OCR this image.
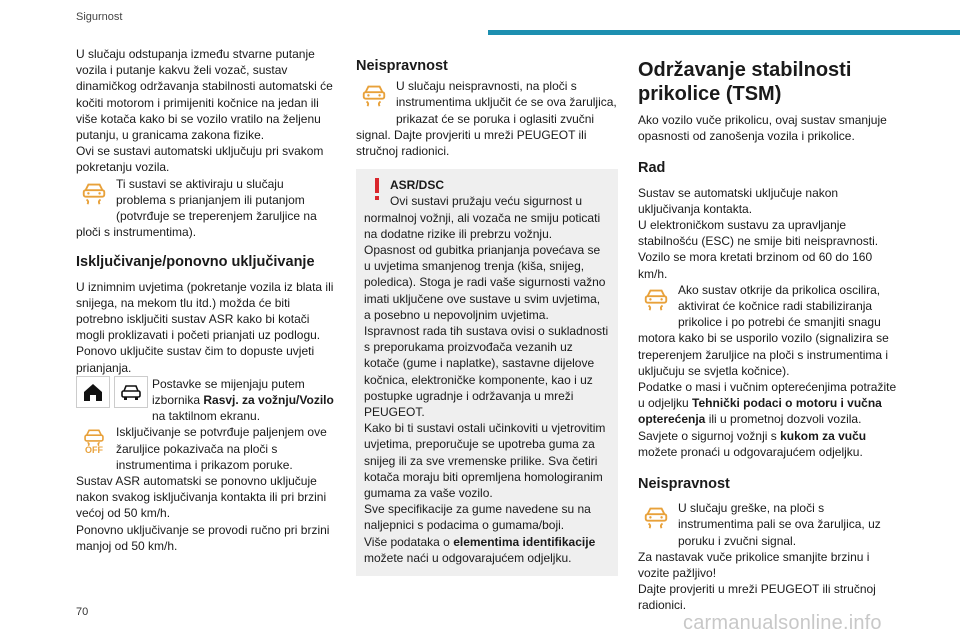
Sigurnost

U slučaju odstupanja između stvarne putanje vozila i putanje kakvu želi vozač, sustav dinamičkog održavanja stabilnosti automatski će kočiti motorom i primijeniti kočnice na jedan ili više kotača kako bi se vozilo vratilo na željenu putanju, u granicama zakona fizike.

Ovi se sustavi automatski uključuju pri svakom pokretanju vozila.

Ti sustavi se aktiviraju u slučaju problema s prianjanjem ili putanjom (potvrđuje se treperenjem žaruljice na ploči s instrumentima).
Isključivanje/ponovno uključivanje

U iznimnim uvjetima (pokretanje vozila iz blata ili snijega, na mekom tlu itd.) možda će biti potrebno isključiti sustav ASR kako bi kotači mogli proklizavati i početi prianjati uz podlogu. Ponovo uključite sustav čim to dopuste uvjeti prianjanja.

Postavke se mijenjaju putem izbornika Rasvj. za vožnju/Vozilo na taktilnom ekranu.
OFF
Isključivanje se potvrđuje paljenjem ove žaruljice pokazivača na ploči s instrumentima i prikazom poruke.

Sustav ASR automatski se ponovno uključuje nakon svakog isključivanja kontakta ili pri brzini većoj od 50 km/h.

Ponovno uključivanje se provodi ručno pri brzini manjoj od 50 km/h.

Neispravnost
U slučaju neispravnosti, na ploči s instrumentima uključit će se ova žaruljica, prikazat će se poruka i oglasiti zvučni signal. Dajte provjeriti u mreži PEUGEOT ili stručnoj radionici.

ASR/DSC

Ovi sustavi pružaju veću sigurnost u normalnoj vožnji, ali vozača ne smiju poticati na dodatne rizike ili prebrzu vožnju.

Opasnost od gubitka prianjanja povećava se u uvjetima smanjenog trenja (kiša, snijeg, poledica). Stoga je radi vaše sigurnosti važno imati uključene ove sustave u svim uvjetima, a posebno u nepovoljnim uvjetima.

Ispravnost rada tih sustava ovisi o sukladnosti s preporukama proizvođača vezanih uz kotače (gume i naplatke), sastavne dijelove kočnica, elektroničke komponente, kao i uz postupke ugradnje i održavanja u mreži PEUGEOT.

Kako bi ti sustavi ostali učinkoviti u vjetrovitim uvjetima, preporučuje se upotreba guma za snijeg ili za sve vremenske prilike. Sva četiri kotača moraju biti opremljena homologiranim gumama za vaše vozilo.

Sve specifikacije za gume navedene su na naljepnici s podacima o gumama/boji.

Više podataka o elementima identifikacije možete naći u odgovarajućem odjeljku.

Održavanje stabilnosti prikolice (TSM)

Ako vozilo vuče prikolicu, ovaj sustav smanjuje opasnosti od zanošenja vozila i prikolice.

Rad

Sustav se automatski uključuje nakon uključivanja kontakta.

U elektroničkom sustavu za upravljanje stabilnošću (ESC) ne smije biti neispravnosti.

Vozilo se mora kretati brzinom od 60 do 160 km/h.

Ako sustav otkrije da prikolica oscilira, aktivirat će kočnice radi stabiliziranja prikolice i po potrebi će smanjiti snagu motora kako bi se usporilo vozilo (signalizira se treperenjem žaruljice na ploči s instrumentima i uključuju se svjetla kočnice).

Podatke o masi i vučnim opterećenjima potražite u odjeljku Tehnički podaci o motoru i vučna opterećenja ili u prometnoj dozvoli vozila.

Savjete o sigurnoj vožnji s kukom za vuču možete pronaći u odgovarajućem odjeljku.

Neispravnost
U slučaju greške, na ploči s instrumentima pali se ova žaruljica, uz poruku i zvučni signal.

Za nastavak vuče prikolice smanjite brzinu i vozite pažljivo!

Dajte provjeriti u mreži PEUGEOT ili stručnoj radionici.

70	carmanualsonline.info
